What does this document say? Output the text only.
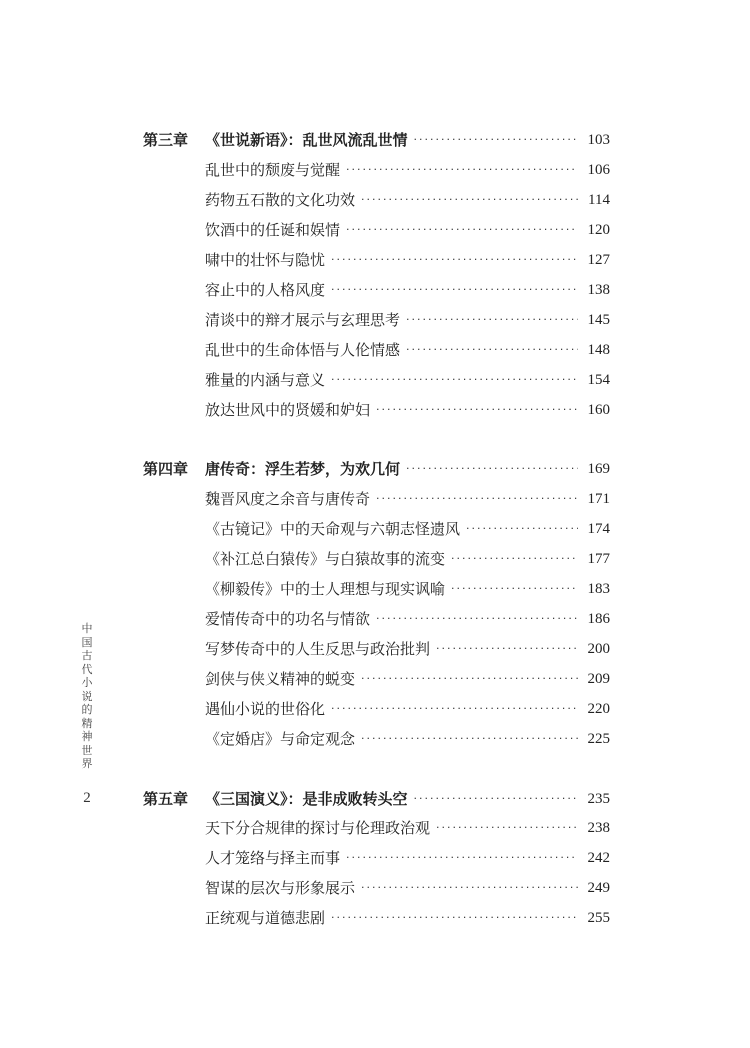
第三章	《世说新语》：乱世风流乱世情 ·····	103
乱世中的颓废与觉醒 ·····	106
药物五石散的文化功效 ·····	114
饮酒中的任诞和娱情 ·····	120
啸中的壮怀与隐忧 ·····	127
容止中的人格风度 ·····	138
清谈中的辩才展示与玄理思考 ·····	145
乱世中的生命体悟与人伦情感 ·····	148
雅量的内涵与意义 ·····	154
放达世风中的贤媛和妒妇 ·····	160
第四章	唐传奇：浮生若梦，为欢几何 ·····	169
魏晋风度之余音与唐传奇 ·····	171
《古镜记》中的天命观与六朝志怪遗风 ·····	174
《补江总白猿传》与白猿故事的流变 ·····	177
《柳毅传》中的士人理想与现实讽喻 ·····	183
爱情传奇中的功名与情欲 ·····	186
写梦传奇中的人生反思与政治批判 ·····	200
剑侠与侠义精神的蜕变 ·····	209
遇仙小说的世俗化 ·····	220
《定婚店》与命定观念 ·····	225
第五章	《三国演义》：是非成败转头空 ·····	235
天下分合规律的探讨与伦理政治观 ·····	238
人才笼络与择主而事 ·····	242
智谋的层次与形象展示 ·····	249
正统观与道德悲剧 ·····	255
中
国
古
代
小
说
的
精
神
世
界
2
